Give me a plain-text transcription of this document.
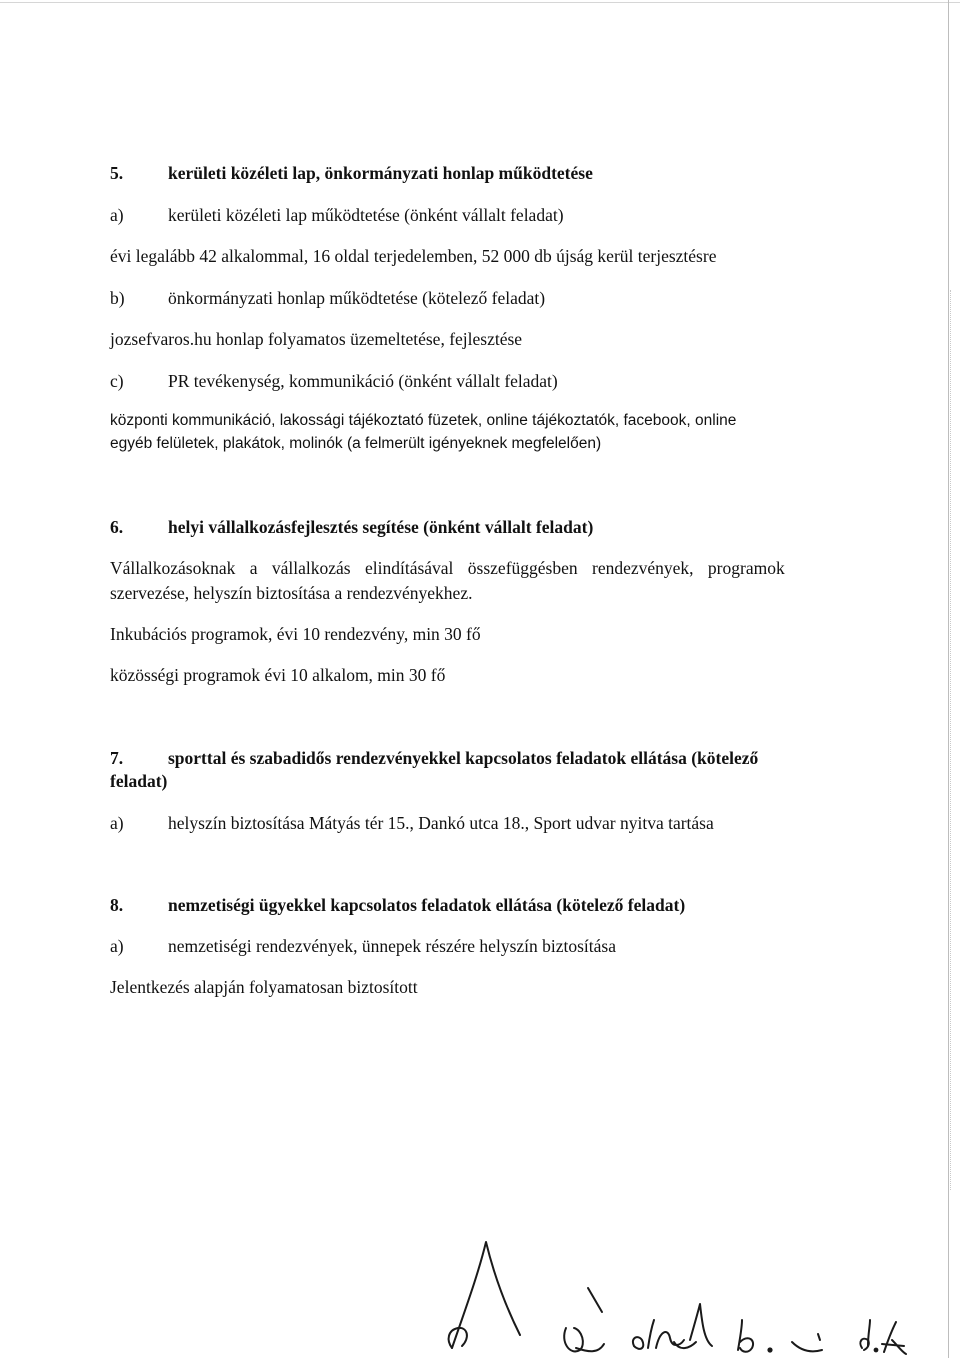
5.	kerületi közéleti lap, önkormányzati honlap működtetése
a)	kerületi közéleti lap működtetése (önként vállalt feladat)
évi legalább 42 alkalommal, 16 oldal terjedelemben, 52 000 db újság kerül terjesztésre
b) önkormányzati honlap működtetése (kötelező feladat)
jozsefvaros.hu honlap folyamatos üzemeltetése, fejlesztése
c)	PR tevékenység, kommunikáció (önként vállalt feladat)
központi kommunikáció, lakossági tájékoztató füzetek, online tájékoztatók, facebook, online
egyéb felületek, plakátok, molinók (a felmerült igényeknek megfelelően)
6.	helyi vállalkozásfejlesztés segítése (önként vállalt feladat)
Vállalkozásoknak a vállalkozás elindításával összefüggésben rendezvények, programok
szervezése, helyszín biztosítása a rendezvényekhez.
Inkubációs programok, évi 10 rendezvény, min 30 fő
közösségi programok évi 10 alkalom, min 30 fő
7.	sporttal és szabadidős rendezvényekkel kapcsolatos feladatok ellátása (kötelező
feladat)
a)	helyszín biztosítása Mátyás tér 15., Dankó utca 18., Sport udvar nyitva tartása
8.	nemzetiségi ügyekkel kapcsolatos feladatok ellátása (kötelező feladat)
a)	nemzetiségi rendezvények, ünnepek részére helyszín biztosítása
Jelentkezés alapján folyamatosan biztosított
